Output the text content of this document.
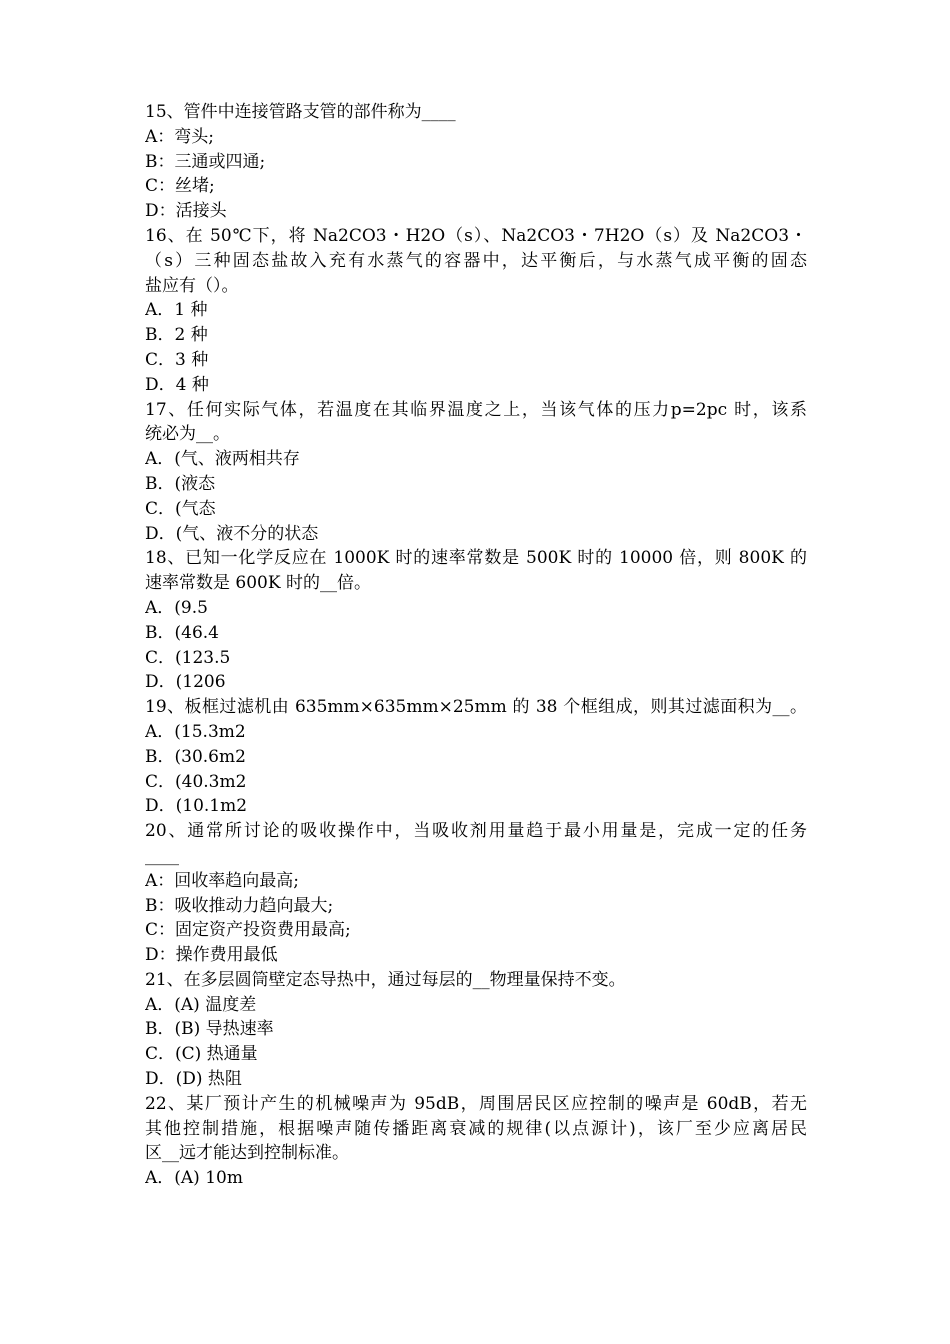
15、管件中连接管路支管的部件称为____
A：弯头;
B：三通或四通;
C：丝堵;
D：活接头
16、在 50℃下，将 Na2CO3・H2O（s）、Na2CO3・7H2O（s）及 Na2CO3・
（s）三种固态盐故入充有水蒸气的容器中，达平衡后，与水蒸气成平衡的固态
盐应有（）。
A．1 种
B．2 种
C．3 种
D．4 种
17、任何实际气体，若温度在其临界温度之上，当该气体的压力p=2pc 时，该系
统必为__。
A．(气、液两相共存
B．(液态
C．(气态
D．(气、液不分的状态
18、已知一化学反应在 1000K 时的速率常数是 500K 时的 10000 倍，则 800K 的
速率常数是 600K 时的__倍。
A．(9.5
B．(46.4
C．(123.5
D．(1206
19、板框过滤机由 635mm×635mm×25mm 的 38 个框组成，则其过滤面积为__。
A．(15.3m2
B．(30.6m2
C．(40.3m2
D．(10.1m2
20、通常所讨论的吸收操作中，当吸收剂用量趋于最小用量是，完成一定的任务
____
A：回收率趋向最高;
B：吸收推动力趋向最大;
C：固定资产投资费用最高;
D：操作费用最低
21、在多层圆筒壁定态导热中，通过每层的__物理量保持不变。
A．(A) 温度差
B．(B) 导热速率
C．(C) 热通量
D．(D) 热阻
22、某厂预计产生的机械噪声为 95dB，周围居民区应控制的噪声是 60dB，若无
其他控制措施，根据噪声随传播距离衰减的规律(以点源计)，该厂至少应离居民
区__远才能达到控制标准。
A．(A) 10m
